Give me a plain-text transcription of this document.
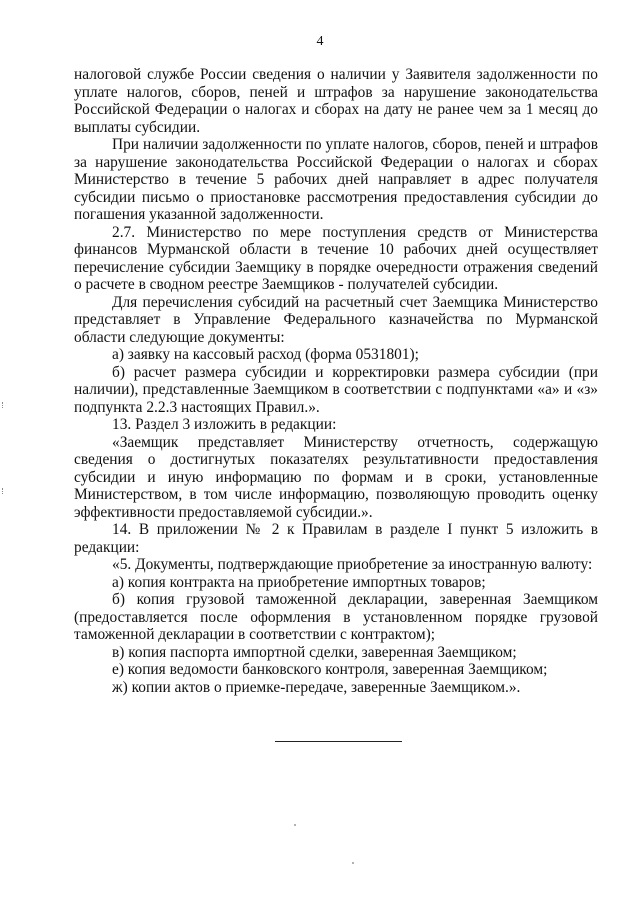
4

налоговой службе России сведения о наличии у Заявителя задолженности по уплате налогов, сборов, пеней и штрафов за нарушение законодательства Российской Федерации о налогах и сборах на дату не ранее чем за 1 месяц до выплаты субсидии.

При наличии задолженности по уплате налогов, сборов, пеней и штрафов за нарушение законодательства Российской Федерации о налогах и сборах Министерство в течение 5 рабочих дней направляет в адрес получателя субсидии письмо о приостановке рассмотрения предоставления субсидии до погашения указанной задолженности.

2.7. Министерство по мере поступления средств от Министерства финансов Мурманской области в течение 10 рабочих дней осуществляет перечисление субсидии Заемщику в порядке очередности отражения сведений о расчете в сводном реестре Заемщиков - получателей субсидии.

Для перечисления субсидий на расчетный счет Заемщика Министерство представляет в Управление Федерального казначейства по Мурманской области следующие документы:

а) заявку на кассовый расход (форма 0531801);

б) расчет размера субсидии и корректировки размера субсидии (при наличии), представленные Заемщиком в соответствии с подпунктами «а» и «з» подпункта 2.2.3 настоящих Правил.».

13. Раздел 3 изложить в редакции:

«Заемщик представляет Министерству отчетность, содержащую сведения о достигнутых показателях результативности предоставления субсидии и иную информацию по формам и в сроки, установленные Министерством, в том числе информацию, позволяющую проводить оценку эффективности предоставляемой субсидии.».

14. В приложении № 2 к Правилам в разделе I пункт 5 изложить в редакции:

«5. Документы, подтверждающие приобретение за иностранную валюту:

а) копия контракта на приобретение импортных товаров;

б) копия грузовой таможенной декларации, заверенная Заемщиком (предоставляется после оформления в установленном порядке грузовой таможенной декларации в соответствии с контрактом);

в) копия паспорта импортной сделки, заверенная Заемщиком;

е) копия ведомости банковского контроля, заверенная Заемщиком;

ж) копии актов о приемке-передаче, заверенные Заемщиком.».
